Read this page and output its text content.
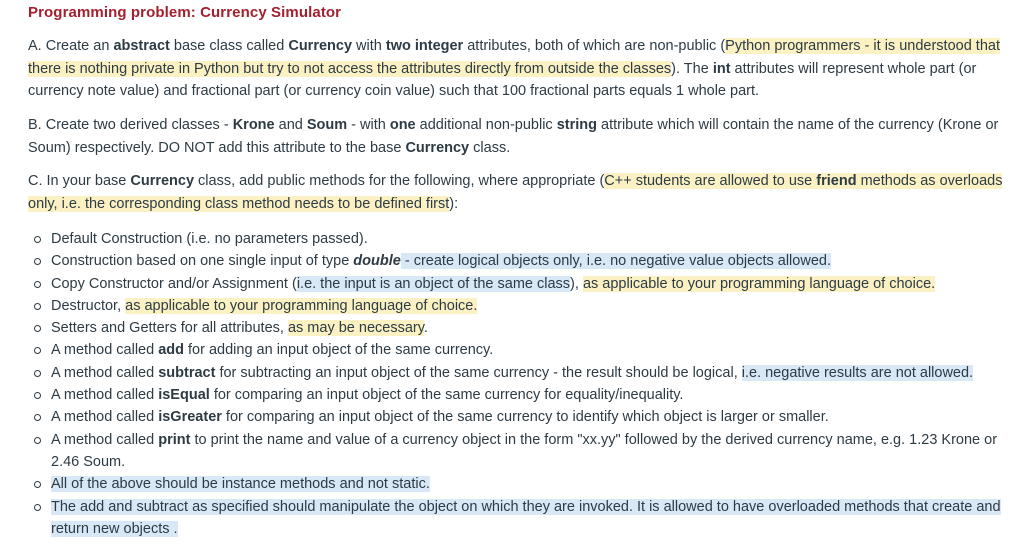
Programming problem: Currency Simulator

A. Create an abstract base class called Currency with two integer attributes, both of which are non-public (Python programmers - it is understood that there is nothing private in Python but try to not access the attributes directly from outside the classes). The int attributes will represent whole part (or currency note value) and fractional part (or currency coin value) such that 100 fractional parts equals 1 whole part.

B. Create two derived classes - Krone and Soum - with one additional non-public string attribute which will contain the name of the currency (Krone or Soum) respectively. DO NOT add this attribute to the base Currency class.

C. In your base Currency class, add public methods for the following, where appropriate (C++ students are allowed to use friend methods as overloads only, i.e. the corresponding class method needs to be defined first):

Default Construction (i.e. no parameters passed).
Construction based on one single input of type double - create logical objects only, i.e. no negative value objects allowed.
Copy Constructor and/or Assignment (i.e. the input is an object of the same class), as applicable to your programming language of choice.
Destructor, as applicable to your programming language of choice.
Setters and Getters for all attributes, as may be necessary.
A method called add for adding an input object of the same currency.
A method called subtract for subtracting an input object of the same currency - the result should be logical, i.e. negative results are not allowed.
A method called isEqual for comparing an input object of the same currency for equality/inequality.
A method called isGreater for comparing an input object of the same currency to identify which object is larger or smaller.
A method called print to print the name and value of a currency object in the form "xx.yy" followed by the derived currency name, e.g. 1.23 Krone or 2.46 Soum.
All of the above should be instance methods and not static.
The add and subtract as specified should manipulate the object on which they are invoked. It is allowed to have overloaded methods that create and return new objects .
